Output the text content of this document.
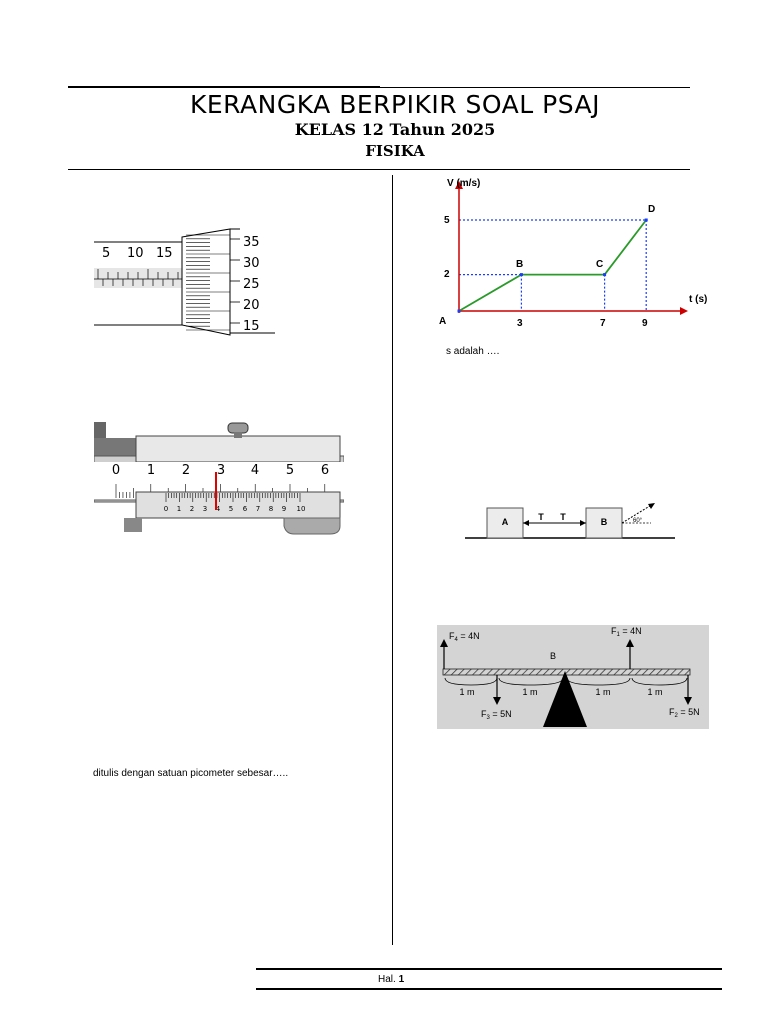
KERANGKA BERPIKIR SOAL PSAJ
KELAS 12 Tahun 2025
FISIKA
5 10 15
35
30
25
20
15
0 1 2 3 4 5 6
0 1 2 3 4 5 6 7 8 9 10
ditulis dengan satuan picometer sebesar…..
V (m/s)
t (s)
5
2
3	7	9
A
B	C
D
s adalah ….
A	B
T T	60°
1 m	1 m	1 m	1 m
B
$F_4 = 4N$	$F_1 = 4N$
$F_3 = 5N$	$F_2 = 5N$
Hal. 1
